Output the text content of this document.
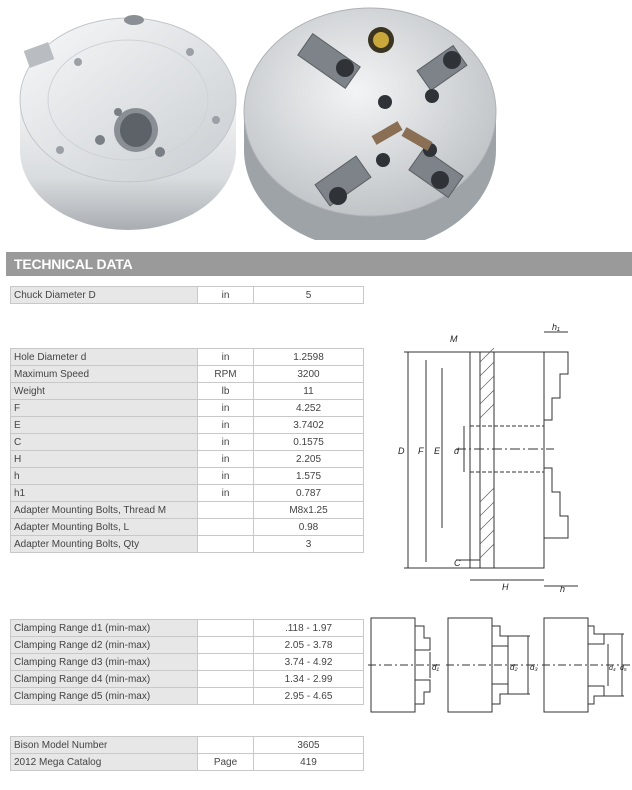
TECHNICAL DATA
Chuck Diameter D	in	5
Hole Diameter d	in	1.2598
Maximum Speed	RPM	3200
Weight	lb	11
F	in	4.252
E	in	3.7402
C	in	0.1575
H	in	2.205
h	in	1.575
h1	in	0.787
Adapter Mounting Bolts, Thread M		M8x1.25
Adapter Mounting Bolts, L		0.98
Adapter Mounting Bolts, Qty		3
Clamping Range d1 (min-max)		.118 - 1.97
Clamping Range d2 (min-max)		2.05 - 3.78
Clamping Range d3 (min-max)		3.74 - 4.92
Clamping Range d4 (min-max)		1.34 - 2.99
Clamping Range d5 (min-max)		2.95 - 4.65
Bison Model Number		3605
2012 Mega Catalog	Page	419
M
h₁
D F E d
C
H	h
d₁	d₂ d₃	d₄ d₅
